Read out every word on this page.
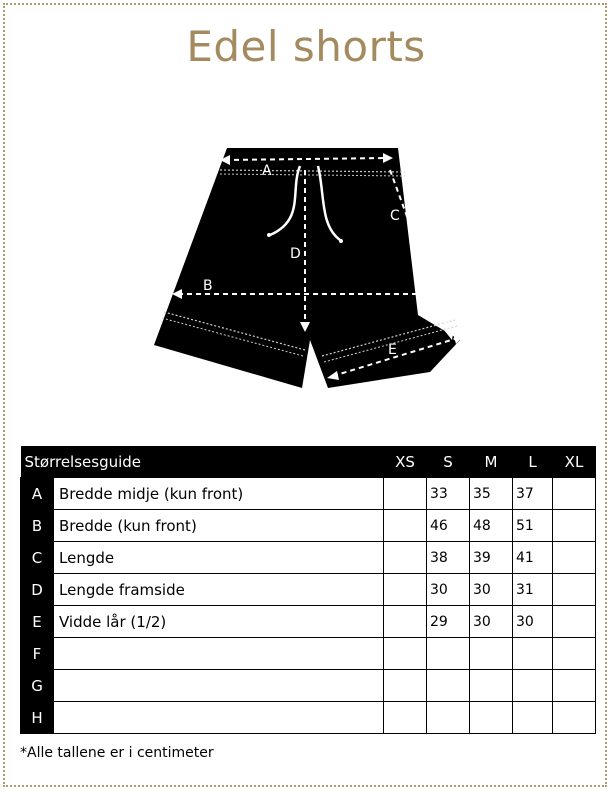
Edel shorts
A
B
C
D
E
Størrelsesguide		XS	S	M	L	XL
A	Bredde midje (kun front)		33	35	37	
B	Bredde (kun front)		46	48	51	
C	Lengde		38	39	41	
D	Lengde framside		30	30	31	
E	Vidde lår (1/2)		29	30	30	
F						
G						
H						
*Alle tallene er i centimeter
